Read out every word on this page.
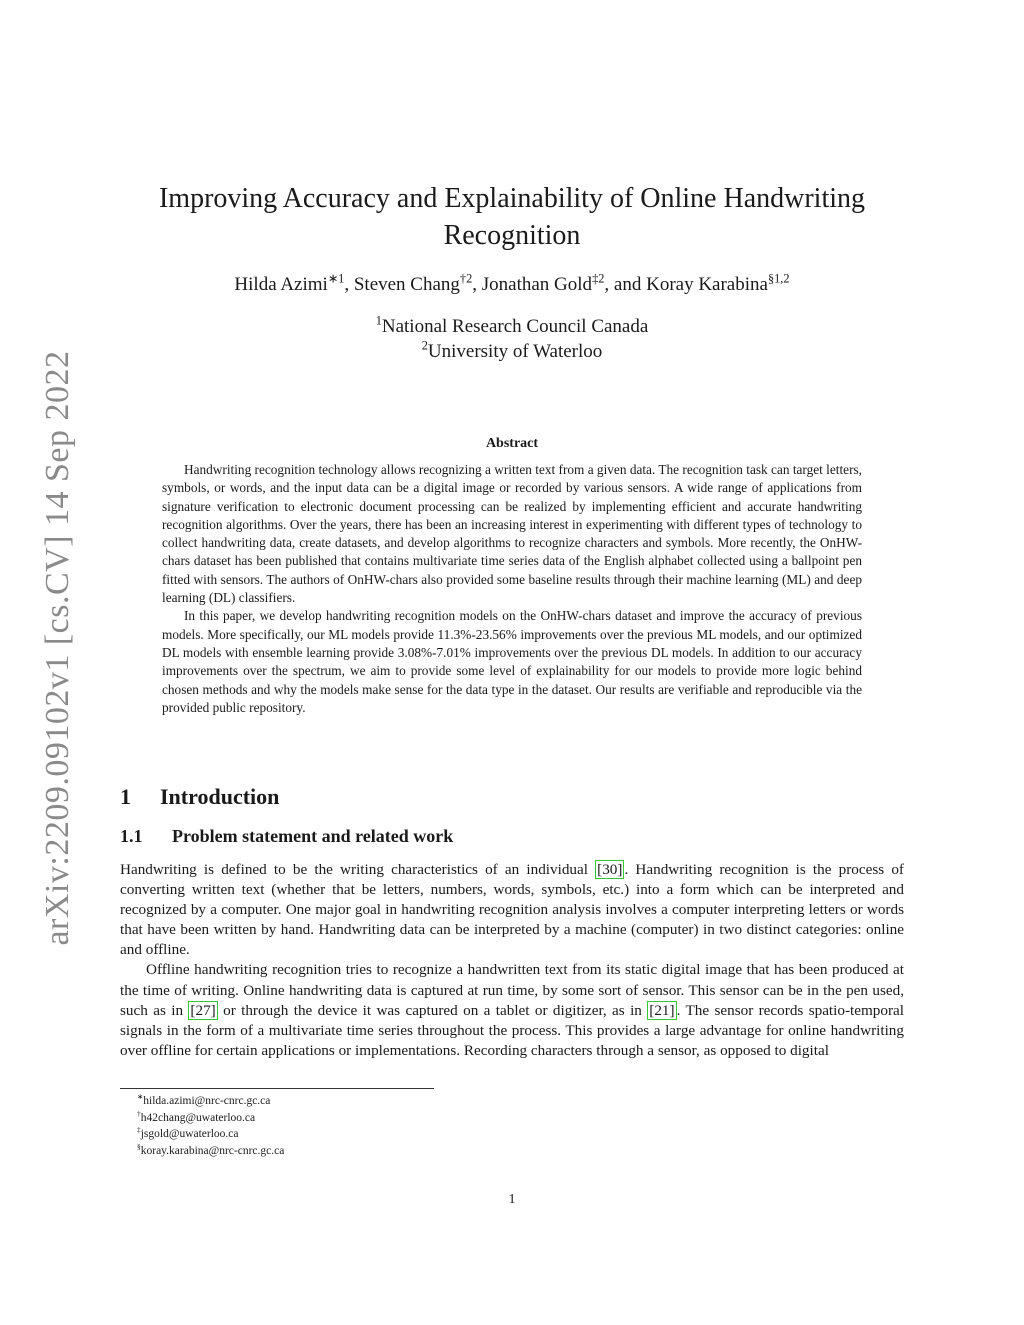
arXiv:2209.09102v1 [cs.CV] 14 Sep 2022
Improving Accuracy and Explainability of Online Handwriting
Recognition
Hilda Azimi$^{∗1}$, Steven Chang$^{\dagger 2}$, Jonathan Gold$^{\ddagger 2}$, and Koray Karabina$^{\S 1,2}$
$^1$National Research Council Canada
$^2$University of Waterloo
Abstract

Handwriting recognition technology allows recognizing a written text from a given data. The recognition task can target letters, symbols, or words, and the input data can be a digital image or recorded by various sensors. A wide range of applications from signature verification to electronic document processing can be realized by implementing efficient and accurate handwriting recognition algorithms. Over the years, there has been an increasing interest in experimenting with different types of technology to collect handwriting data, create datasets, and develop algorithms to recognize characters and symbols. More recently, the OnHW-chars dataset has been published that contains multivariate time series data of the English alphabet collected using a ballpoint pen fitted with sensors. The authors of OnHW-chars also provided some baseline results through their machine learning (ML) and deep learning (DL) classifiers.

In this paper, we develop handwriting recognition models on the OnHW-chars dataset and improve the accuracy of previous models. More specifically, our ML models provide 11.3%-23.56% improvements over the previous ML models, and our optimized DL models with ensemble learning provide 3.08%-7.01% improvements over the previous DL models. In addition to our accuracy improvements over the spectrum, we aim to provide some level of explainability for our models to provide more logic behind chosen methods and why the models make sense for the data type in the dataset. Our results are verifiable and reproducible via the provided public repository.

1 Introduction
1.1 Problem statement and related work

Handwriting is defined to be the writing characteristics of an individual [30] . Handwriting recognition is the process of converting written text (whether that be letters, numbers, words, symbols, etc.) into a form which can be interpreted and recognized by a computer. One major goal in handwriting recognition analysis involves a computer interpreting letters or words that have been written by hand. Handwriting data can be interpreted by a machine (computer) in two distinct categories: online and offline.

Offline handwriting recognition tries to recognize a handwritten text from its static digital image that has been produced at the time of writing. Online handwriting data is captured at run time, by some sort of sensor. This sensor can be in the pen used, such as in [27] or through the device it was captured on a tablet or digitizer, as in [21] . The sensor records spatio-temporal signals in the form of a multivariate time series throughout the process. This provides a large advantage for online handwriting over offline for certain applications or implementations. Recording characters through a sensor, as opposed to digital

∗hilda.azimi@nrc-cnrc.gc.ca
†h42chang@uwaterloo.ca
‡jsgold@uwaterloo.ca
§koray.karabina@nrc-cnrc.gc.ca
1
